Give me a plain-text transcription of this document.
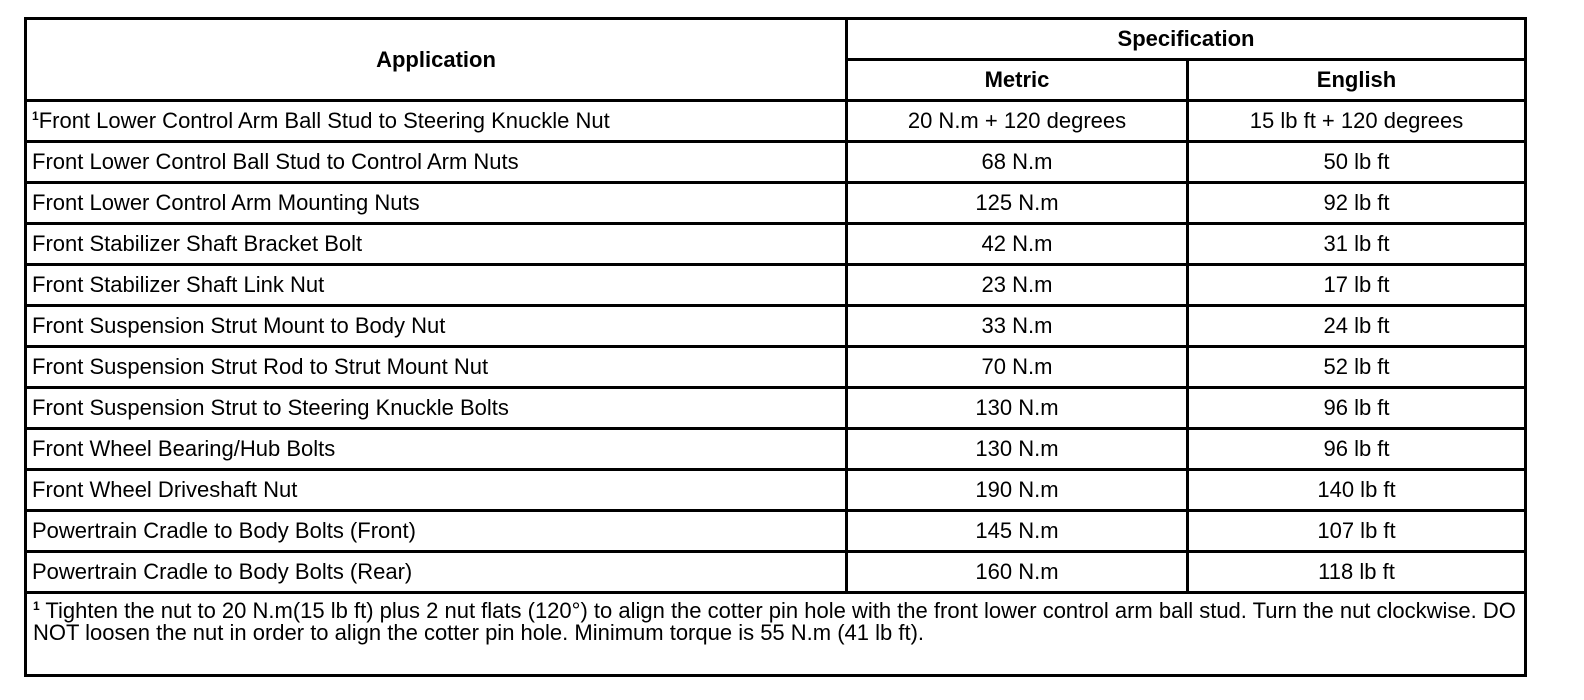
Application	Specification	
	Metric	English
$^1$Front Lower Control Arm Ball Stud to Steering Knuckle Nut	20 N.m + 120 degrees	15 lb ft + 120 degrees
Front Lower Control Ball Stud to Control Arm Nuts	68 N.m	50 lb ft
Front Lower Control Arm Mounting Nuts	125 N.m	92 lb ft
Front Stabilizer Shaft Bracket Bolt	42 N.m	31 lb ft
Front Stabilizer Shaft Link Nut	23 N.m	17 lb ft
Front Suspension Strut Mount to Body Nut	33 N.m	24 lb ft
Front Suspension Strut Rod to Strut Mount Nut	70 N.m	52 lb ft
Front Suspension Strut to Steering Knuckle Bolts	130 N.m	96 lb ft
Front Wheel Bearing/Hub Bolts	130 N.m	96 lb ft
Front Wheel Driveshaft Nut	190 N.m	140 lb ft
Powertrain Cradle to Body Bolts (Front)	145 N.m	107 lb ft
Powertrain Cradle to Body Bolts (Rear)	160 N.m	118 lb ft
$^1$ Tighten the nut to 20 N.m(15 lb ft) plus 2 nut flats (120°) to align the cotter pin hole with the front lower control arm ball stud. Turn the nut clockwise. DO NOT loosen the nut in order to align the cotter pin hole. Minimum torque is 55 N.m (41 lb ft).		
